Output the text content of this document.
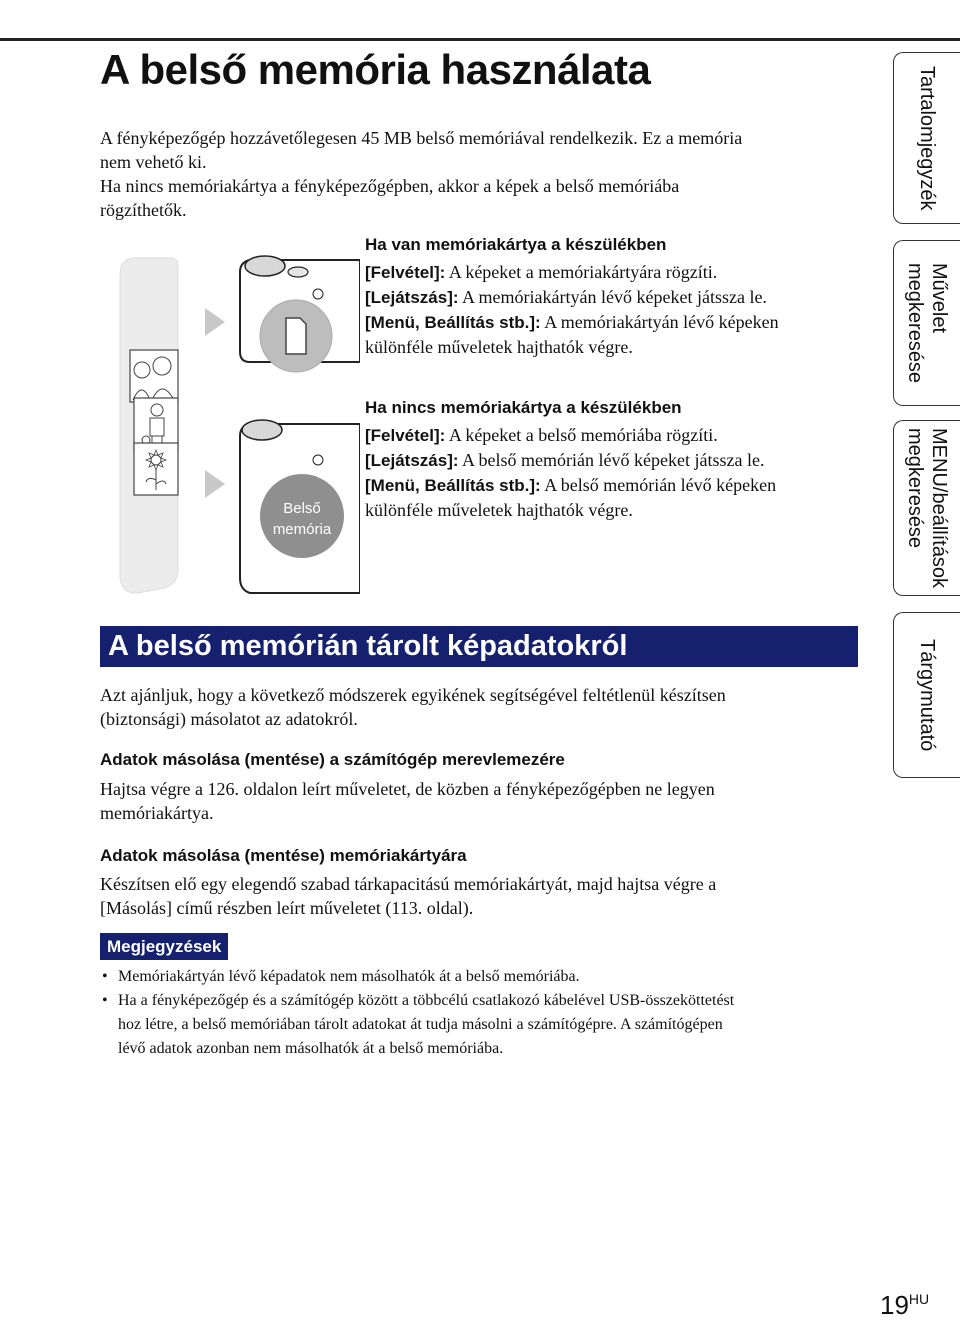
A belső memória használata

A fényképezőgép hozzávetőlegesen 45 MB belső memóriával rendelkezik. Ez a memória

nem vehető ki.

Ha nincs memóriakártya a fényképezőgépben, akkor a képek a belső memóriába

rögzíthetők.

Belső
memória
Ha van memóriakártya a készülékben
[Felvétel]: A képeket a memóriakártyára rögzíti.
[Lejátszás]: A memóriakártyán lévő képeket játssza le.
[Menü, Beállítás stb.]: A memóriakártyán lévő képeken
különféle műveletek hajthatók végre.
Ha nincs memóriakártya a készülékben
[Felvétel]: A képeket a belső memóriába rögzíti.
[Lejátszás]: A belső memórián lévő képeket játssza le.
[Menü, Beállítás stb.]: A belső memórián lévő képeken
különféle műveletek hajthatók végre.
A belső memórián tárolt képadatokról

Azt ajánljuk, hogy a következő módszerek egyikének segítségével feltétlenül készítsen

(biztonsági) másolatot az adatokról.

Adatok másolása (mentése) a számítógép merevlemezére

Hajtsa végre a 126. oldalon leírt műveletet, de közben a fényképezőgépben ne legyen

memóriakártya.

Adatok másolása (mentése) memóriakártyára

Készítsen elő egy elegendő szabad tárkapacitású memóriakártyát, majd hajtsa végre a

[Másolás] című részben leírt műveletet (113. oldal).

Megjegyzések
• Memóriakártyán lévő képadatok nem másolhatók át a belső memóriába.
• Ha a fényképezőgép és a számítógép között a többcélú csatlakozó kábelével USB-összeköttetést
hoz létre, a belső memóriában tárolt adatokat át tudja másolni a számítógépre. A számítógépen
lévő adatok azonban nem másolhatók át a belső memóriába.
Tartalomjegyzék
Művelet
megkeresése
MENU/beállítások
megkeresése
Tárgymutató
$19^{HU}$
